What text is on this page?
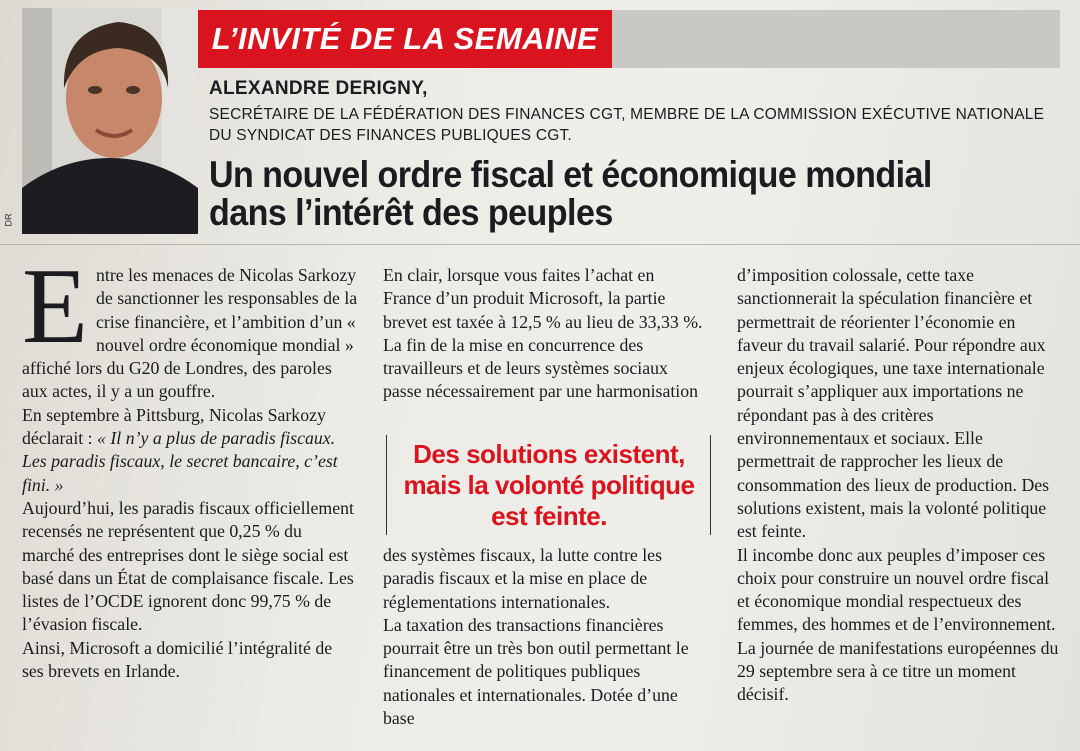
DR
L’INVITÉ DE LA SEMAINE
ALEXANDRE DERIGNY,
SECRÉTAIRE DE LA FÉDÉRATION DES FINANCES CGT, MEMBRE DE LA COMMISSION EXÉCUTIVE NATIONALE DU SYNDICAT DES FINANCES PUBLIQUES CGT.
Un nouvel ordre fiscal et économique mondial
dans l’intérêt des peuples
E ntre les menaces de Nicolas Sarkozy de sanctionner les responsables de la crise financière, et l’ambition d’un « nouvel ordre économique mondial » affiché lors du G20 de Londres, des paroles aux actes, il y a un gouffre.

En septembre à Pittsburg, Nicolas Sarkozy déclarait : « Il n’y a plus de paradis fiscaux. Les paradis fiscaux, le secret bancaire, c’est fini. »

Aujourd’hui, les paradis fiscaux officiellement recensés ne représentent que 0,25 % du marché des entreprises dont le siège social est basé dans un État de complaisance fiscale. Les listes de l’OCDE ignorent donc 99,75 % de l’évasion fiscale.

Ainsi, Microsoft a domicilié l’intégralité de ses brevets en Irlande.

En clair, lorsque vous faites l’achat en France d’un produit Microsoft, la partie brevet est taxée à 12,5 % au lieu de 33,33 %. La fin de la mise en concurrence des travailleurs et de leurs systèmes sociaux passe nécessairement par une harmonisation

Des solutions existent, mais la volonté politique est feinte.

des systèmes fiscaux, la lutte contre les paradis fiscaux et la mise en place de réglementations internationales.

La taxation des transactions financières pourrait être un très bon outil permettant le financement de politiques publiques nationales et internationales. Dotée d’une base

d’imposition colossale, cette taxe sanctionnerait la spéculation financière et permettrait de réorienter l’économie en faveur du travail salarié. Pour répondre aux enjeux écologiques, une taxe internationale pourrait s’appliquer aux importations ne répondant pas à des critères environnementaux et sociaux. Elle permettrait de rapprocher les lieux de consommation des lieux de production. Des solutions existent, mais la volonté politique est feinte.

Il incombe donc aux peuples d’imposer ces choix pour construire un nouvel ordre fiscal et économique mondial respectueux des femmes, des hommes et de l’environnement. La journée de manifestations européennes du 29 septembre sera à ce titre un moment décisif.
